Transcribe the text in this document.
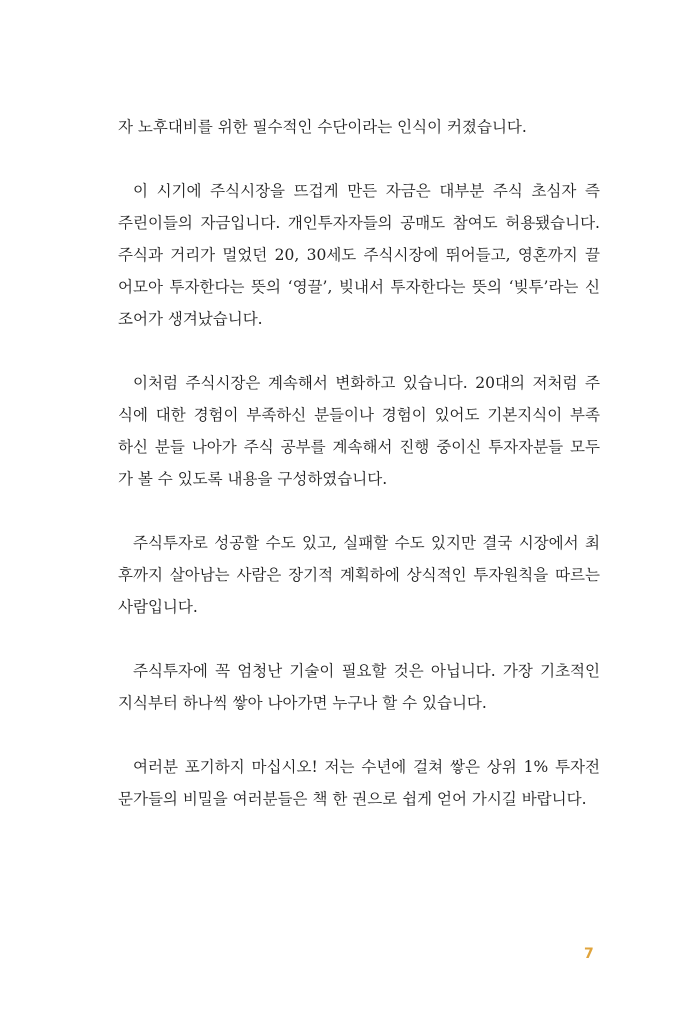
자 노후대비를 위한 필수적인 수단이라는 인식이 커졌습니다.

이 시기에 주식시장을 뜨겁게 만든 자금은 대부분 주식 초심자 즉
주린이들의 자금입니다. 개인투자자들의 공매도 참여도 허용됐습니다.
주식과 거리가 멀었던 20, 30세도 주식시장에 뛰어들고, 영혼까지 끌
어모아 투자한다는 뜻의 ‘영끌’, 빚내서 투자한다는 뜻의 ‘빚투’라는 신
조어가 생겨났습니다.

이처럼 주식시장은 계속해서 변화하고 있습니다. 20대의 저처럼 주
식에 대한 경험이 부족하신 분들이나 경험이 있어도 기본지식이 부족
하신 분들 나아가 주식 공부를 계속해서 진행 중이신 투자자분들 모두
가 볼 수 있도록 내용을 구성하였습니다.

주식투자로 성공할 수도 있고, 실패할 수도 있지만 결국 시장에서 최
후까지 살아남는 사람은 장기적 계획하에 상식적인 투자원칙을 따르는
사람입니다.

주식투자에 꼭 엄청난 기술이 필요할 것은 아닙니다. 가장 기초적인
지식부터 하나씩 쌓아 나아가면 누구나 할 수 있습니다.

여러분 포기하지 마십시오! 저는 수년에 걸쳐 쌓은 상위 1% 투자전
문가들의 비밀을 여러분들은 책 한 권으로 쉽게 얻어 가시길 바랍니다.

7
